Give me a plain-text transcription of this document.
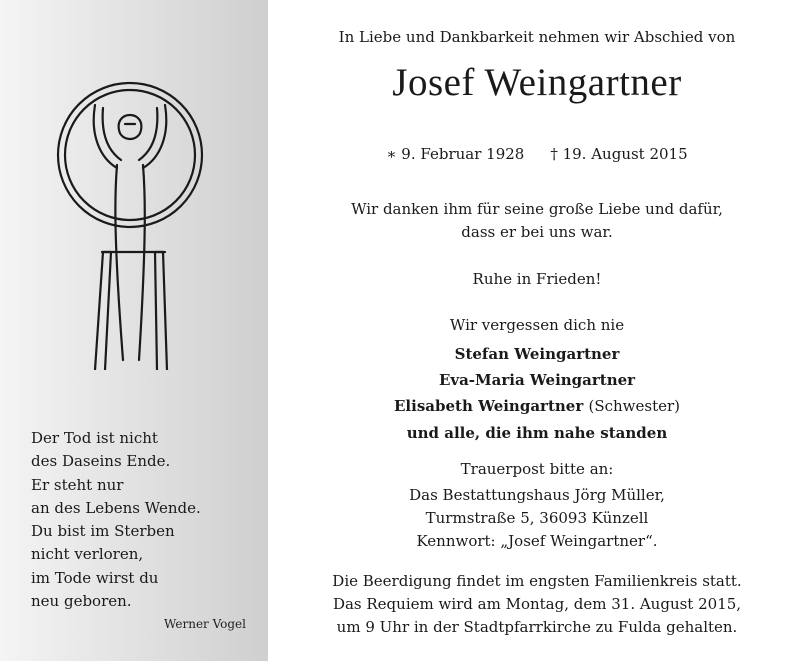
Der Tod ist nicht
des Daseins Ende.
Er steht nur
an des Lebens Wende.
Du bist im Sterben
nicht verloren,
im Tode wirst du
neu geboren.
Werner Vogel
In Liebe und Dankbarkeit nehmen wir Abschied von
Josef Weingartner
∗ 9. Februar 1928 † 19. August 2015
Wir danken ihm für seine große Liebe und dafür,
dass er bei uns war.
Ruhe in Frieden!
Wir vergessen dich nie
Stefan Weingartner
Eva-Maria Weingartner
Elisabeth Weingartner (Schwester)
und alle, die ihm nahe standen
Trauerpost bitte an:
Das Bestattungshaus Jörg Müller,
Turmstraße 5, 36093 Künzell
Kennwort: „Josef Weingartner“.
Die Beerdigung findet im engsten Familienkreis statt.
Das Requiem wird am Montag, dem 31. August 2015,
um 9 Uhr in der Stadtpfarrkirche zu Fulda gehalten.
